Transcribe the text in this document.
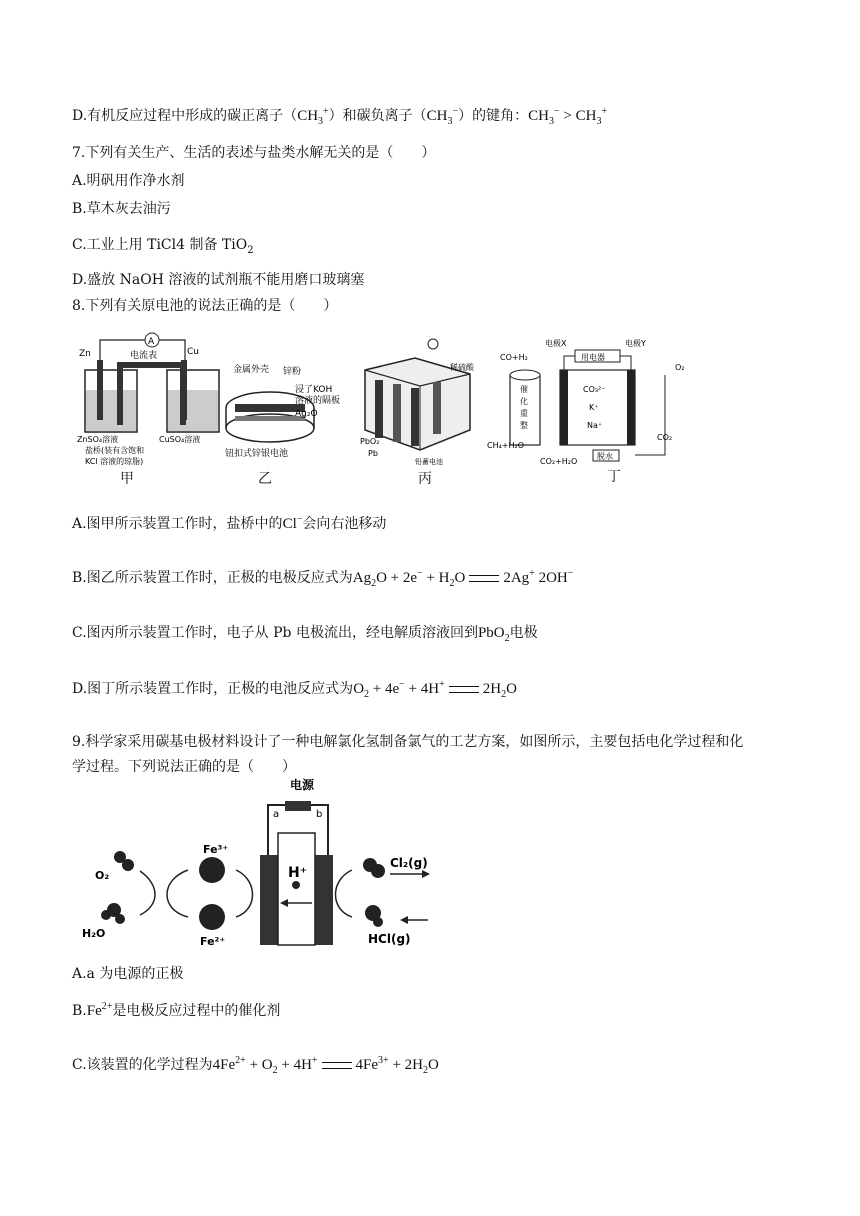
D.有机反应过程中形成的碳正离子$(CH_3^+)$和碳负离子$(CH_3^-)$的键角：$CH_3^- > CH_3^+$
7.下列有关生产、生活的表述与盐类水解无关的是（　　）
A.明矾用作净水剂
B.草木灰去油污
C.工业上用 TiCl4 制备 TiO$_2$
D.盛放 NaOH 溶液的试剂瓶不能用磨口玻璃塞
8.下列有关原电池的说法正确的是（　　）
A
电流表
Zn	Cu
ZnSO₄溶液	CuSO₄溶液
盐桥(装有含饱和
KCl 溶液的琼脂)
金属外壳 锌粉
浸了KOH
溶液的隔板
Ag₂O
钮扣式锌银电池
稀硫酸
PbO₂
Pb
铅蓄电池
催
化
重
整
用电器
电极X	电极Y
CO+H₂
O₂
CO₃²⁻
K⁺
Na⁺
脱水
CO₂
CH₄+H₂O
CO₂+H₂O
甲	乙	丙	丁
A.图甲所示装置工作时，盐桥中的Cl−会向右池移动
B.图乙所示装置工作时，正极的电极反应式为$Ag_2O + 2e^- + H_2O$	2Ag+ 2OH−
C.图丙所示装置工作时，电子从 Pb 电极流出，经电解质溶液回到PbO$_2$电极
D.图丁所示装置工作时，正极的电池反应式为$O_2 + 4e^- + 4H^+$	$2H_2O$
9.科学家采用碳基电极材料设计了一种电解氯化氢制备氯气的工艺方案，如图所示，主要包括电化学过程和化
学过程。下列说法正确的是（　　）
电源
a	b
H⁺
Fe³⁺
Fe²⁺
O₂
H₂O
Cl₂(g)
HCl(g)
A.a 为电源的正极
$B.Fe^{2+}$是电极反应过程中的催化剂
C.该装置的化学过程为$4Fe^{2+} + O_2 + 4H^+$	$4Fe^{3+} + 2H_2O$
